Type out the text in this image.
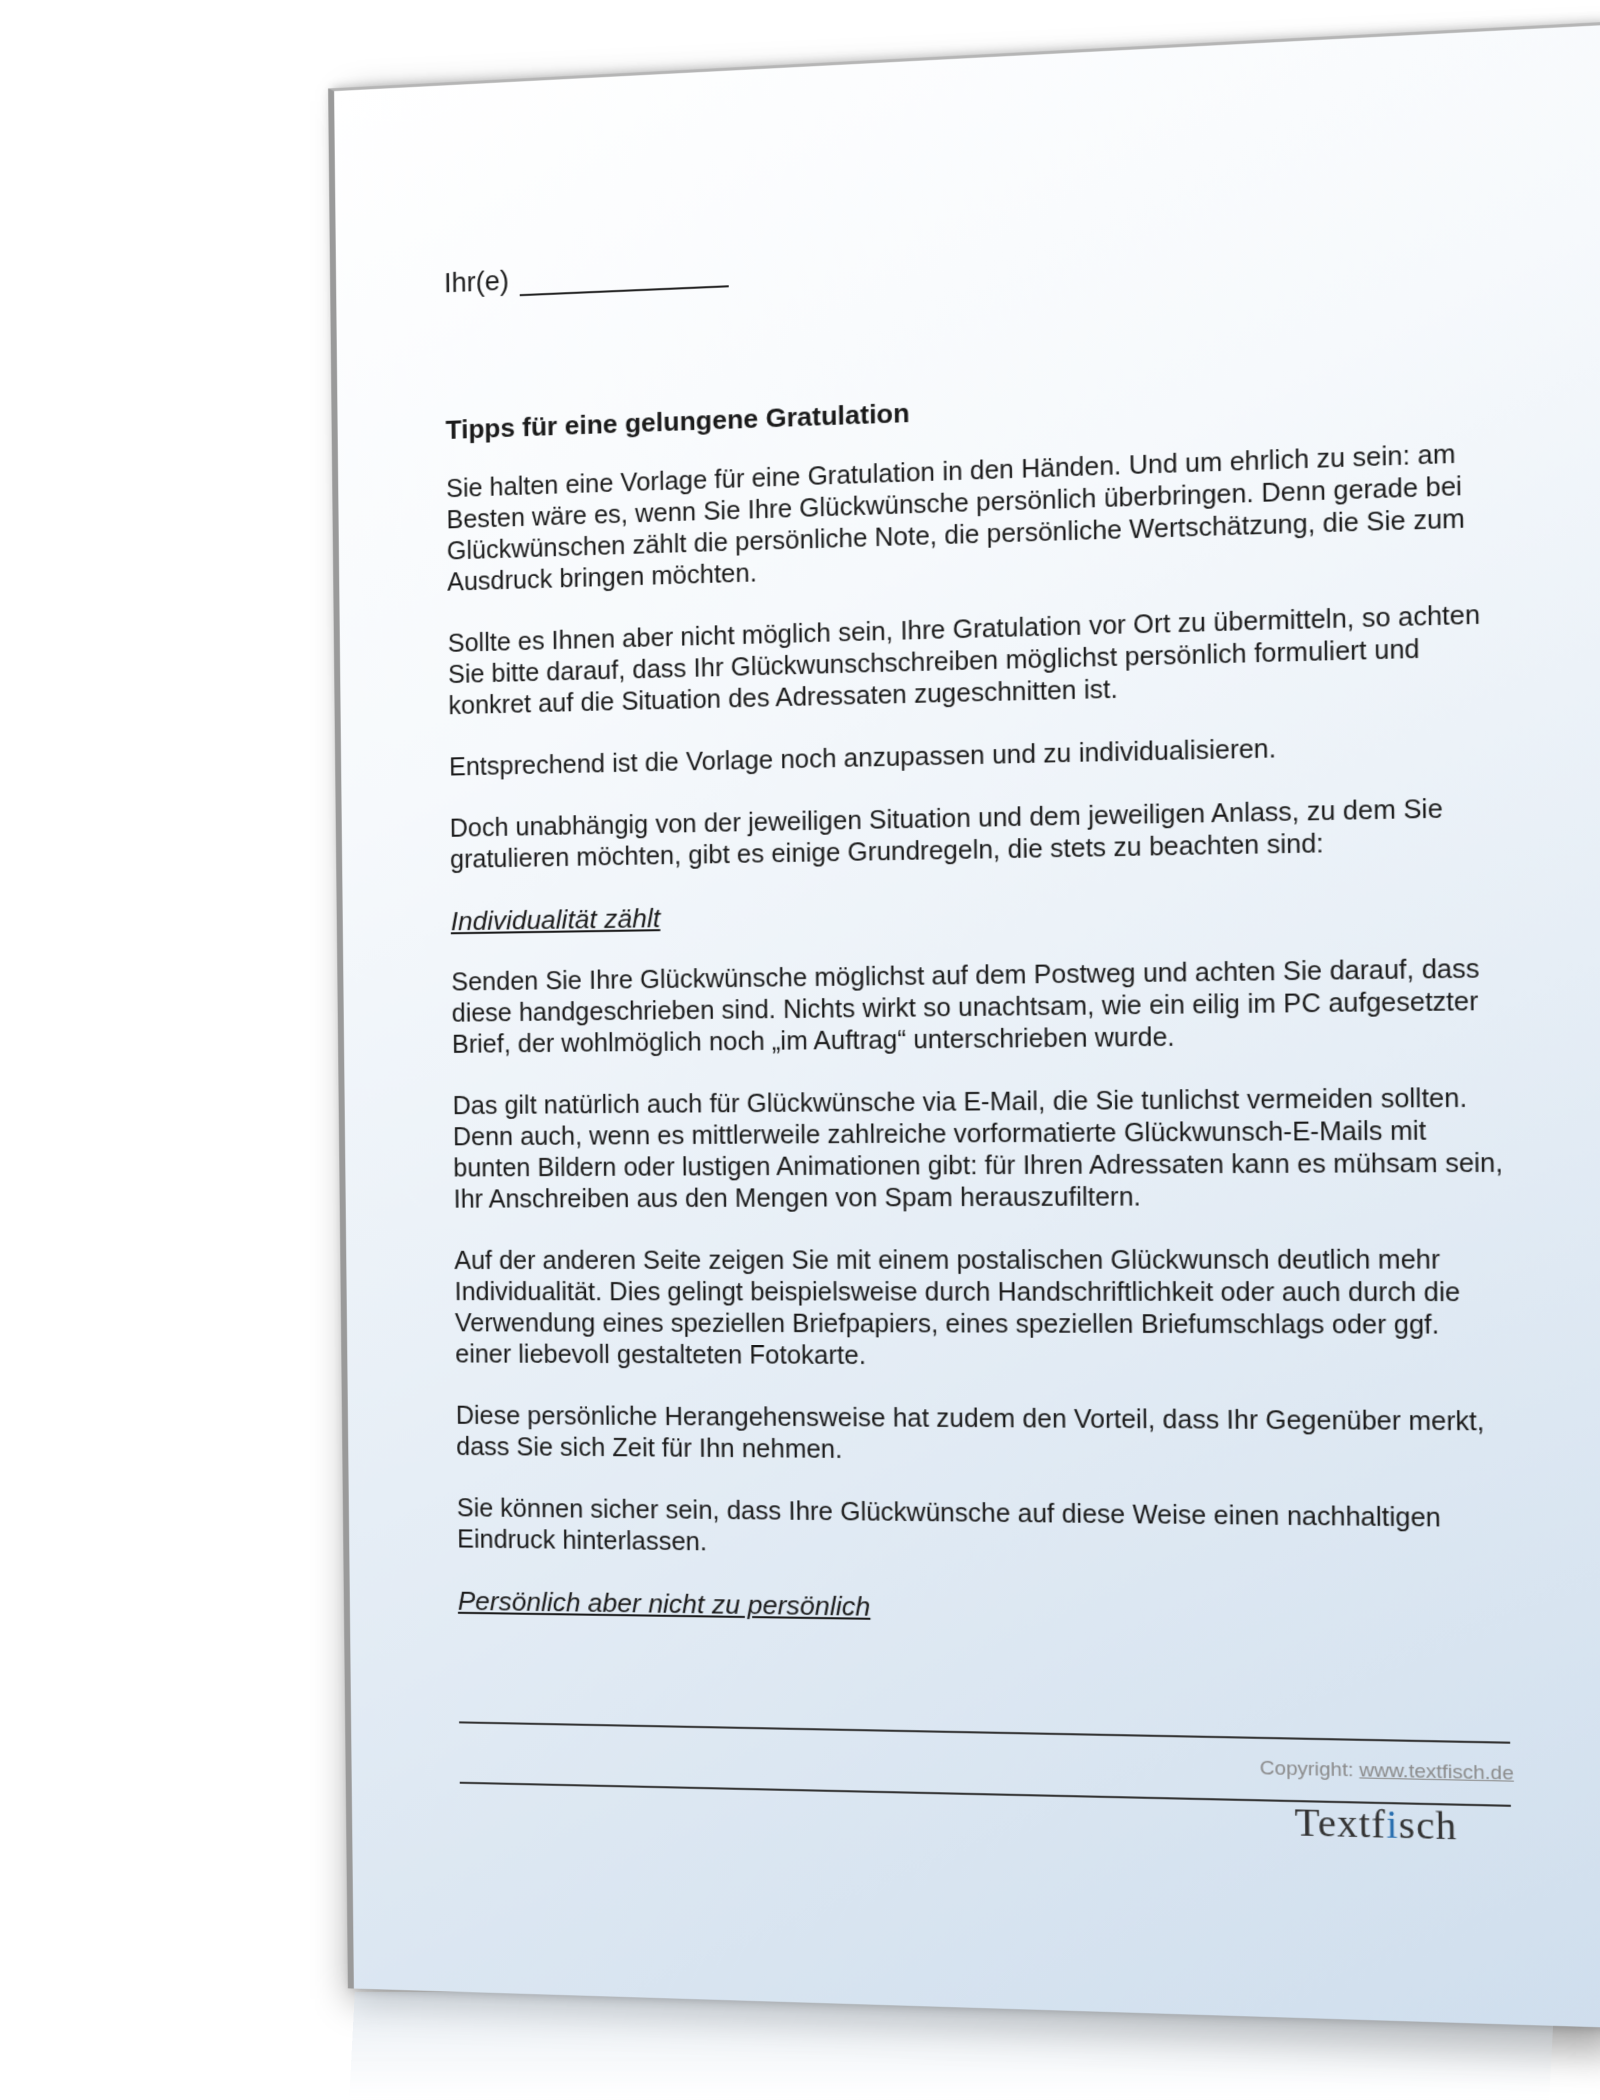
Ihr(e)
Tipps für eine gelungene Gratulation

Sie halten eine Vorlage für eine Gratulation in den Händen. Und um ehrlich zu sein: am Besten wäre es, wenn Sie Ihre Glückwünsche persönlich überbringen. Denn gerade bei Glückwünschen zählt die persönliche Note, die persönliche Wertschätzung, die Sie zum Ausdruck bringen möchten.

Sollte es Ihnen aber nicht möglich sein, Ihre Gratulation vor Ort zu übermitteln, so achten Sie bitte darauf, dass Ihr Glückwunschschreiben möglichst persönlich formuliert und konkret auf die Situation des Adressaten zugeschnitten ist.

Entsprechend ist die Vorlage noch anzupassen und zu individualisieren.

Doch unabhängig von der jeweiligen Situation und dem jeweiligen Anlass, zu dem Sie gratulieren möchten, gibt es einige Grundregeln, die stets zu beachten sind:

Individualität zählt

Senden Sie Ihre Glückwünsche möglichst auf dem Postweg und achten Sie darauf, dass diese handgeschrieben sind. Nichts wirkt so unachtsam, wie ein eilig im PC aufgesetzter Brief, der wohlmöglich noch „im Auftrag“ unterschrieben wurde.

Das gilt natürlich auch für Glückwünsche via E-Mail, die Sie tunlichst vermeiden sollten. Denn auch, wenn es mittlerweile zahlreiche vorformatierte Glückwunsch-E-Mails mit bunten Bildern oder lustigen Animationen gibt: für Ihren Adressaten kann es mühsam sein, Ihr Anschreiben aus den Mengen von Spam herauszufiltern.

Auf der anderen Seite zeigen Sie mit einem postalischen Glückwunsch deutlich mehr Individualität. Dies gelingt beispielsweise durch Handschriftlichkeit oder auch durch die Verwendung eines speziellen Briefpapiers, eines speziellen Briefumschlags oder ggf. einer liebevoll gestalteten Fotokarte.

Diese persönliche Herangehensweise hat zudem den Vorteil, dass Ihr Gegenüber merkt, dass Sie sich Zeit für Ihn nehmen.

Sie können sicher sein, dass Ihre Glückwünsche auf diese Weise einen nachhaltigen Eindruck hinterlassen.

Persönlich aber nicht zu persönlich
Copyright: www.textfisch.de
Textfisch
